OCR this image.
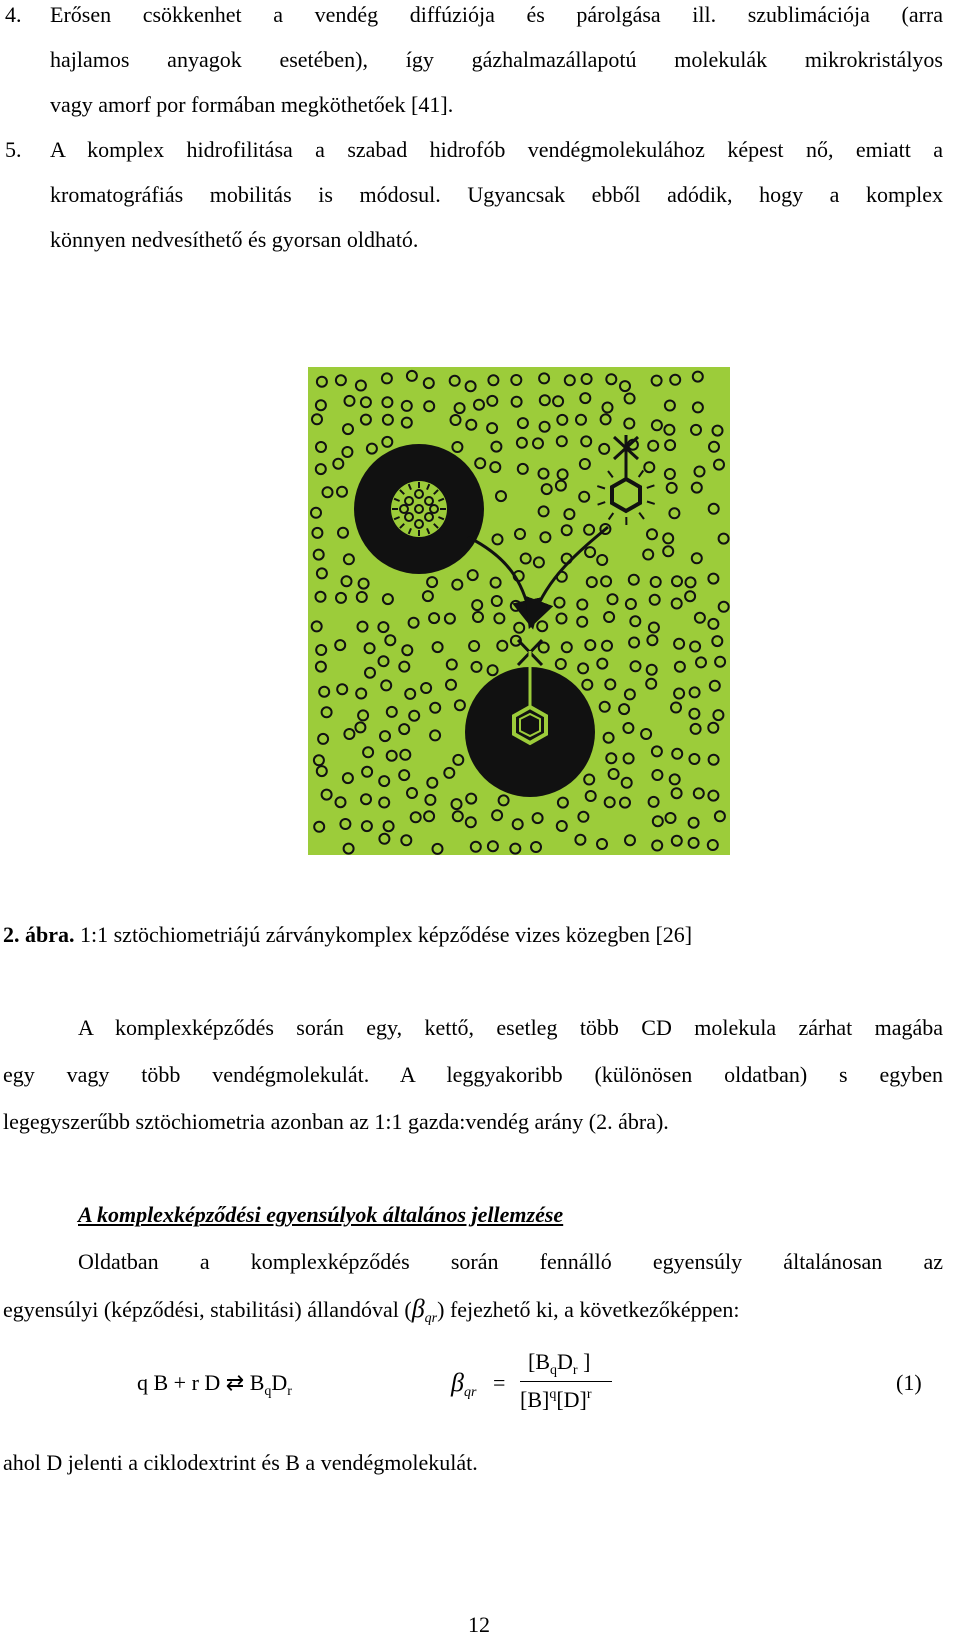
4. Erősen csökkenhet a vendég diffúziója és párolgása ill. szublimációja (arra
hajlamos anyagok esetében), így gázhalmazállapotú molekulák mikrokristályos
vagy amorf por formában megköthetőek [41].
5. A komplex hidrofilitása a szabad hidrofób vendégmolekulához képest nő, emiatt a
kromatográfiás mobilitás is módosul. Ugyancsak ebből adódik, hogy a komplex
könnyen nedvesíthető és gyorsan oldható.
2. ábra. 1:1 sztöchiometriájú zárványkomplex képződése vizes közegben [26]
A komplexképződés során egy, kettő, esetleg több CD molekula zárhat magába
egy vagy több vendégmolekulát. A leggyakoribb (különösen oldatban) s egyben
legegyszerűbb sztöchiometria azonban az 1:1 gazda:vendég arány (2. ábra).
A komplexképződési egyensúlyok általános jellemzése
Oldatban a komplexképződés során fennálló egyensúly általánosan az
egyensúlyi (képződési, stabilitási) állandóval $(\beta_{qr})$ fejezhető ki, a következőképpen:
q B + r D ⇄ $B_qD_r$	$\beta_{qr}$ =
[$B_qD_r$ ]
$[B]^q[D]^r$	(1)
ahol D jelenti a ciklodextrint és B a vendégmolekulát.
12
